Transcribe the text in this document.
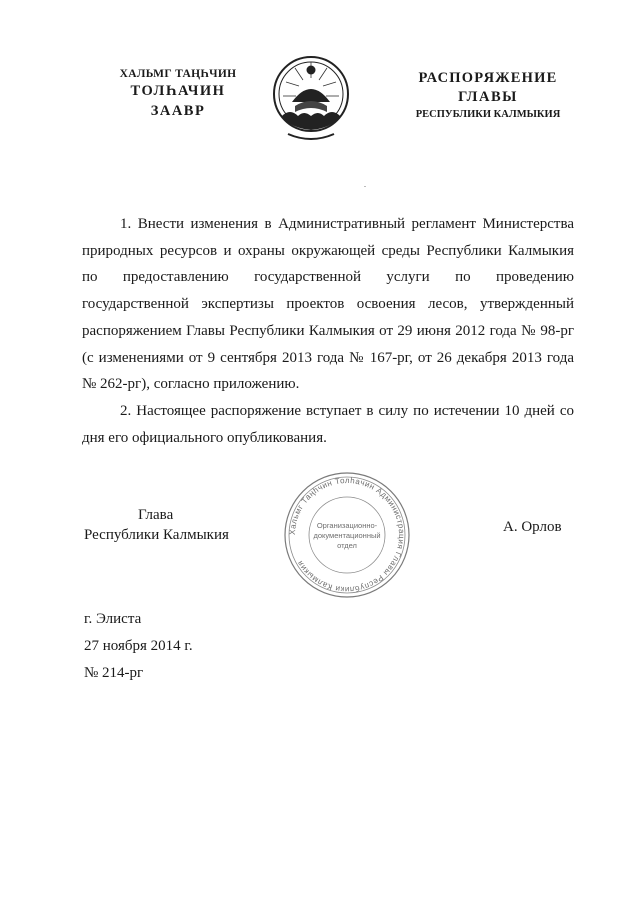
ХАЛЬМГ ТАҢҺЧИН
ТОЛҺАЧИН
ЗААВР
РАСПОРЯЖЕНИЕ
ГЛАВЫ
РЕСПУБЛИКИ КАЛМЫКИЯ

1. Внести изменения в Административный регламент Министерства природных ресурсов и охраны окружающей среды Республики Калмыкия по предоставлению государственной услуги по проведению государственной экспертизы проектов освоения лесов, утвержденный распоряжением Главы Республики Калмыкия от 29 июня 2012 года № 98-рг (с изменениями от 9 сентября 2013 года № 167-рг, от 26 декабря 2013 года № 262-рг), согласно приложению.

2. Настоящее распоряжение вступает в силу по истечении 10 дней со дня его официального опубликования.

Глава
Республики Калмыкия	Хальмг Таңһчин Толһачин Администрация Главы Республики Калмыкия
Организационно-
документационный
отдел
А. Орлов
г. Элиста
27 ноября 2014 г.
№ 214-рг
